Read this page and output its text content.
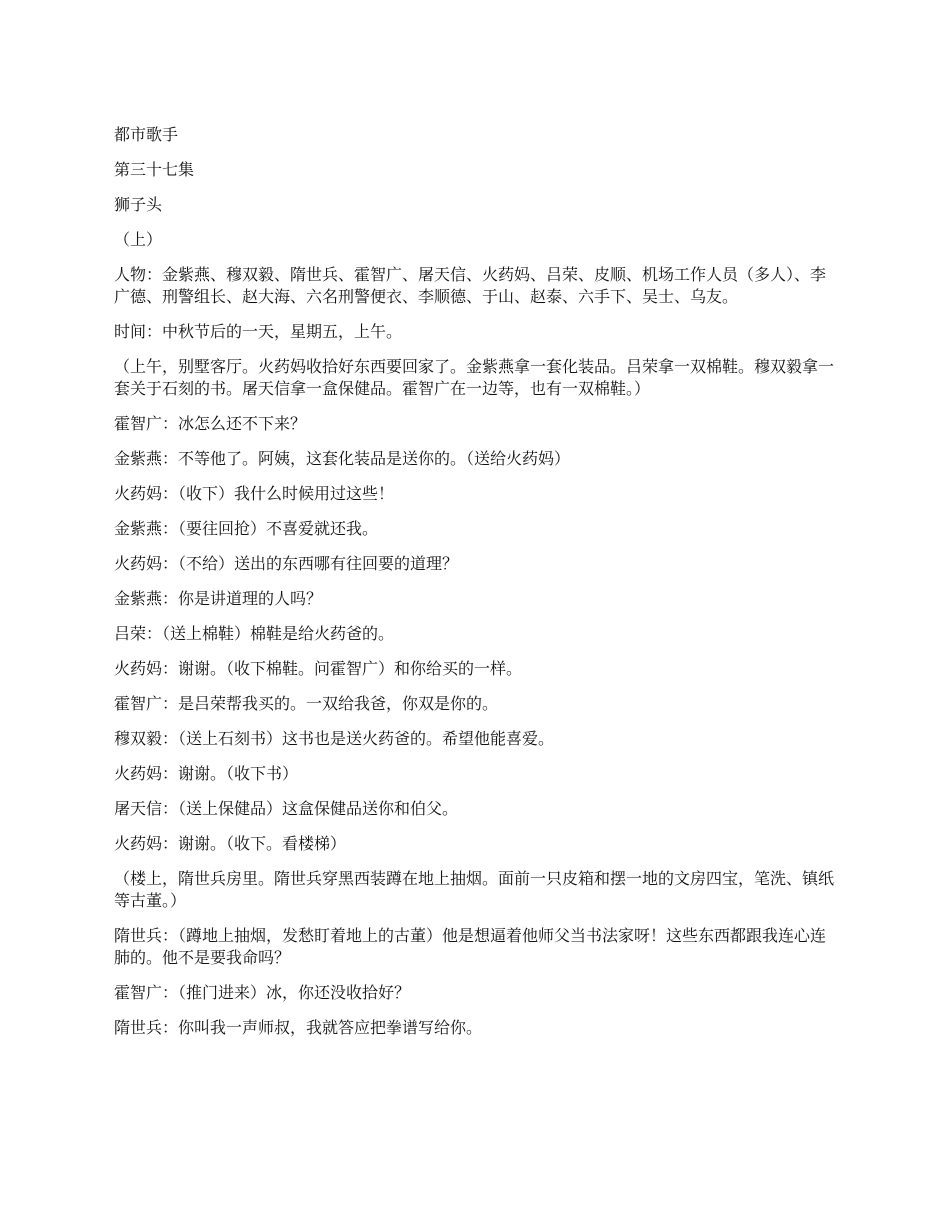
都市歌手

第三十七集

狮子头

（上）

人物：金紫燕、穆双毅、隋世兵、霍智广、屠天信、火药妈、吕荣、皮顺、机场工作人员（多人）、李广德、刑警组长、赵大海、六名刑警便衣、李顺德、于山、赵泰、六手下、吴士、乌友。

时间：中秋节后的一天，星期五，上午。

（上午，别墅客厅。火药妈收拾好东西要回家了。金紫燕拿一套化装品。吕荣拿一双棉鞋。穆双毅拿一套关于石刻的书。屠天信拿一盒保健品。霍智广在一边等，也有一双棉鞋。）

霍智广：冰怎么还不下来？

金紫燕：不等他了。阿姨，这套化装品是送你的。（送给火药妈）

火药妈：（收下）我什么时候用过这些！

金紫燕：（要往回抢）不喜爱就还我。

火药妈：（不给）送出的东西哪有往回要的道理？

金紫燕：你是讲道理的人吗？

吕荣：（送上棉鞋）棉鞋是给火药爸的。

火药妈：谢谢。（收下棉鞋。问霍智广）和你给买的一样。

霍智广：是吕荣帮我买的。一双给我爸，你双是你的。

穆双毅：（送上石刻书）这书也是送火药爸的。希望他能喜爱。

火药妈：谢谢。（收下书）

屠天信：（送上保健品）这盒保健品送你和伯父。

火药妈：谢谢。（收下。看楼梯）

（楼上，隋世兵房里。隋世兵穿黑西装蹲在地上抽烟。面前一只皮箱和摆一地的文房四宝，笔洗、镇纸等古董。）

隋世兵：（蹲地上抽烟，发愁盯着地上的古董）他是想逼着他师父当书法家呀！这些东西都跟我连心连肺的。他不是要我命吗？

霍智广：（推门进来）冰，你还没收拾好？

隋世兵：你叫我一声师叔，我就答应把拳谱写给你。
